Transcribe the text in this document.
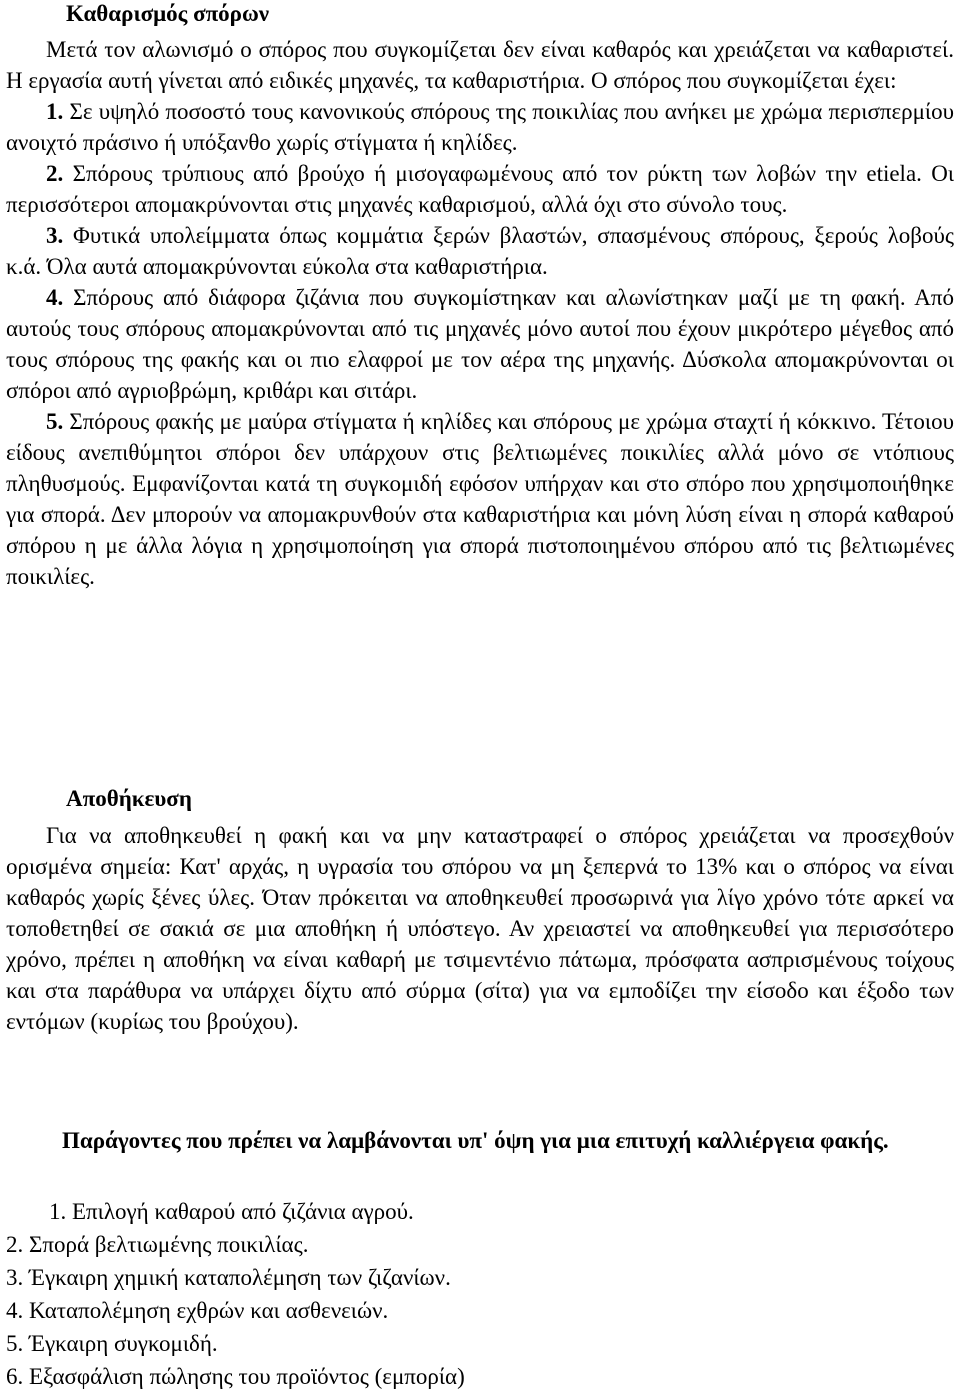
Καθαρισμός σπόρων

Μετά τον αλωνισμό ο σπόρος που συγκομίζεται δεν είναι καθαρός και χρειάζεται να καθαριστεί. Η εργασία αυτή γίνεται από ειδικές μηχανές, τα καθαριστήρια. Ο σπόρος που συγκομίζεται έχει:

1. Σε υψηλό ποσοστό τους κανονικούς σπόρους της ποικιλίας που ανήκει με χρώμα περισπερμίου ανοιχτό πράσινο ή υπόξανθο χωρίς στίγματα ή κηλίδες.

2. Σπόρους τρύπιους από βρούχο ή μισογαφωμένους από τον ρύκτη των λοβών την etiela. Οι περισσότεροι απομακρύνονται στις μηχανές καθαρισμού, αλλά όχι στο σύνολο τους.

3. Φυτικά υπολείμματα όπως κομμάτια ξερών βλαστών, σπασμένους σπόρους, ξερούς λοβούς κ.ά. Όλα αυτά απομακρύνονται εύκολα στα καθαριστήρια.

4. Σπόρους από διάφορα ζιζάνια που συγκομίστηκαν και αλωνίστηκαν μαζί με τη φακή. Από αυτούς τους σπόρους απομακρύνονται από τις μηχανές μόνο αυτοί που έχουν μικρότερο μέγεθος από τους σπόρους της φακής και οι πιο ελαφροί με τον αέρα της μηχανής. Δύσκολα απομακρύνονται οι σπόροι από αγριοβρώμη, κριθάρι και σιτάρι.

5. Σπόρους φακής με μαύρα στίγματα ή κηλίδες και σπόρους με χρώμα σταχτί ή κόκκινο. Τέτοιου είδους ανεπιθύμητοι σπόροι δεν υπάρχουν στις βελτιωμένες ποικιλίες αλλά μόνο σε ντόπιους πληθυσμούς. Εμφανίζονται κατά τη συγκομιδή εφόσον υπήρχαν και στο σπόρο που χρησιμοποιήθηκε για σπορά. Δεν μπορούν να απομακρυνθούν στα καθαριστήρια και μόνη λύση είναι η σπορά καθαρού σπόρου η με άλλα λόγια η χρησιμοποίηση για σπορά πιστοποιημένου σπόρου από τις βελτιωμένες ποικιλίες.

Αποθήκευση

Για να αποθηκευθεί η φακή και να μην καταστραφεί ο σπόρος χρειάζεται να προσεχθούν ορισμένα σημεία: Κατ' αρχάς, η υγρασία του σπόρου να μη ξεπερνά το 13% και ο σπόρος να είναι καθαρός χωρίς ξένες ύλες. Όταν πρόκειται να αποθηκευθεί προσωρινά για λίγο χρόνο τότε αρκεί να τοποθετηθεί σε σακιά σε μια αποθήκη ή υπόστεγο. Αν χρειαστεί να αποθηκευθεί για περισσότερο χρόνο, πρέπει η αποθήκη να είναι καθαρή με τσιμεντένιο πάτωμα, πρόσφατα ασπρισμένους τοίχους και στα παράθυρα να υπάρχει δίχτυ από σύρμα (σίτα) για να εμποδίζει την είσοδο και έξοδο των εντόμων (κυρίως του βρούχου).

Παράγοντες που πρέπει να λαμβάνονται υπ' όψη για μια επιτυχή καλλιέργεια φακής.
1. Επιλογή καθαρού από ζιζάνια αγρού.
2. Σπορά βελτιωμένης ποικιλίας.
3. Έγκαιρη χημική καταπολέμηση των ζιζανίων.
4. Καταπολέμηση εχθρών και ασθενειών.
5. Έγκαιρη συγκομιδή.
6. Εξασφάλιση πώλησης του προϊόντος (εμπορία)
